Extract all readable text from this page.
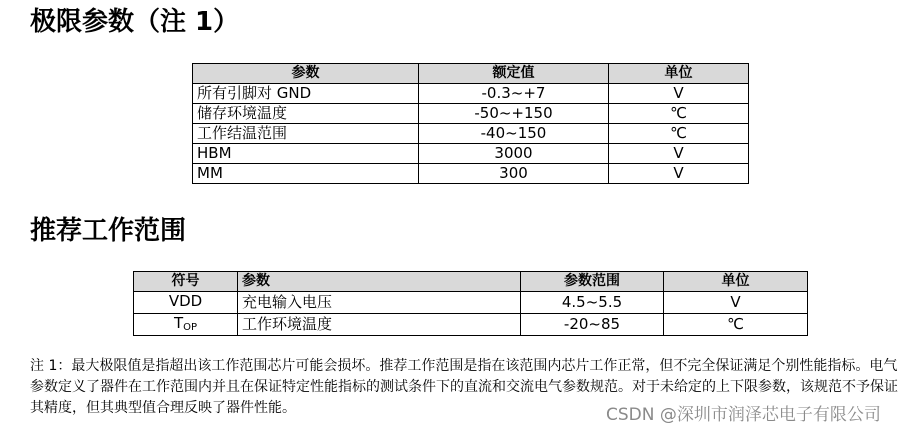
极限参数（注 1）
参数	额定值	单位
所有引脚对 GND	-0.3~+7	V
储存环境温度	-50~+150	℃
工作结温范围	-40~150	℃
HBM	3000	V
MM	300	V
推荐工作范围
符号	参数	参数范围	单位
VDD	充电输入电压	4.5~5.5	V
TOP	工作环境温度	-20~85	℃

注 1：最大极限值是指超出该工作范围芯片可能会损坏。推荐工作范围是指在该范围内芯片工作正常，但不完全保证满足个别性能指标。电气参数定义了器件在工作范围内并且在保证特定性能指标的测试条件下的直流和交流电气参数规范。对于未给定的上下限参数，该规范不予保证其精度，但其典型值合理反映了器件性能。	CSDN @深圳市润泽芯电子有限公司
